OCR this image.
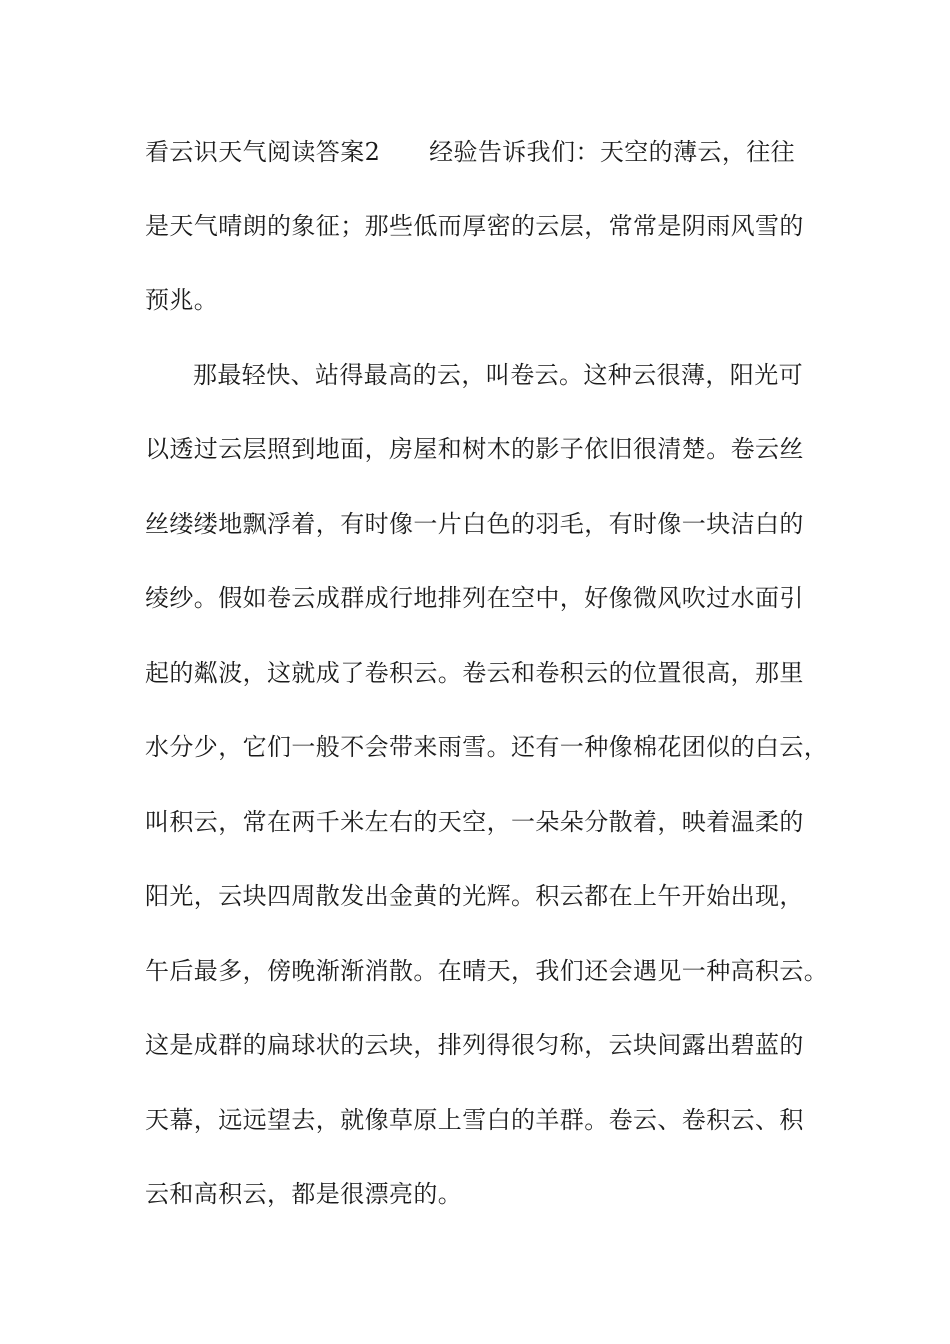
看云识天气阅读答案2　　经验告诉我们：天空的薄云，往往
是天气晴朗的象征；那些低而厚密的云层，常常是阴雨风雪的
预兆。
那最轻快、站得最高的云，叫卷云。这种云很薄，阳光可
以透过云层照到地面，房屋和树木的影子依旧很清楚。卷云丝
丝缕缕地飘浮着，有时像一片白色的羽毛，有时像一块洁白的
绫纱。假如卷云成群成行地排列在空中，好像微风吹过水面引
起的粼波，这就成了卷积云。卷云和卷积云的位置很高，那里
水分少，它们一般不会带来雨雪。还有一种像棉花团似的白云，
叫积云，常在两千米左右的天空，一朵朵分散着，映着温柔的
阳光，云块四周散发出金黄的光辉。积云都在上午开始出现，
午后最多，傍晚渐渐消散。在晴天，我们还会遇见一种高积云。
这是成群的扁球状的云块，排列得很匀称，云块间露出碧蓝的
天幕，远远望去，就像草原上雪白的羊群。卷云、卷积云、积
云和高积云，都是很漂亮的。
